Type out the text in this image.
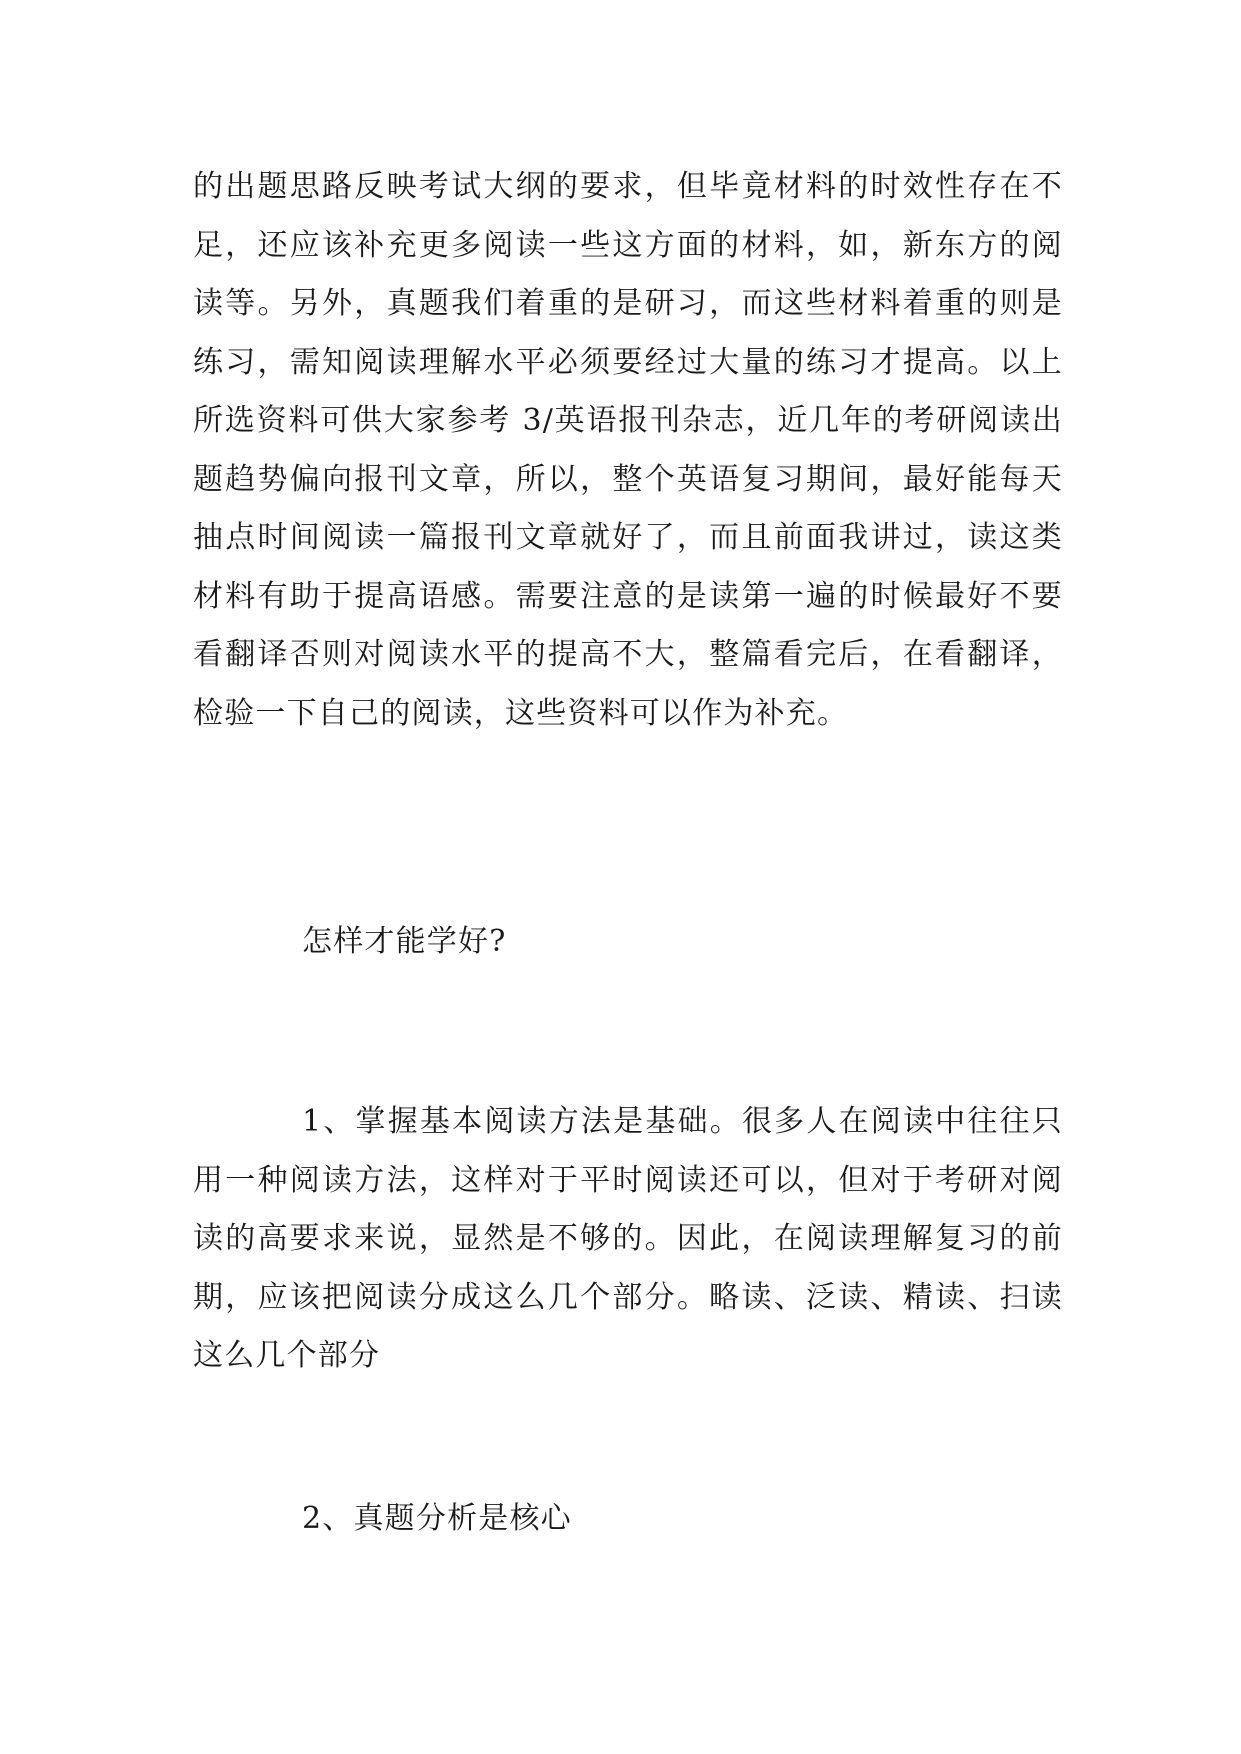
的出题思路反映考试大纲的要求，但毕竟材料的时效性存在不足，还应该补充更多阅读一些这方面的材料，如，新东方的阅读等。另外，真题我们着重的是研习，而这些材料着重的则是练习，需知阅读理解水平必须要经过大量的练习才提高。以上所选资料可供大家参考 3/英语报刊杂志，近几年的考研阅读出题趋势偏向报刊文章，所以，整个英语复习期间，最好能每天抽点时间阅读一篇报刊文章就好了，而且前面我讲过，读这类材料有助于提高语感。需要注意的是读第一遍的时候最好不要看翻译否则对阅读水平的提高不大，整篇看完后，在看翻译，检验一下自己的阅读，这些资料可以作为补充。

怎样才能学好?

1、掌握基本阅读方法是基础。很多人在阅读中往往只用一种阅读方法，这样对于平时阅读还可以，但对于考研对阅读的高要求来说，显然是不够的。因此，在阅读理解复习的前期，应该把阅读分成这么几个部分。略读、泛读、精读、扫读这么几个部分

2、真题分析是核心
